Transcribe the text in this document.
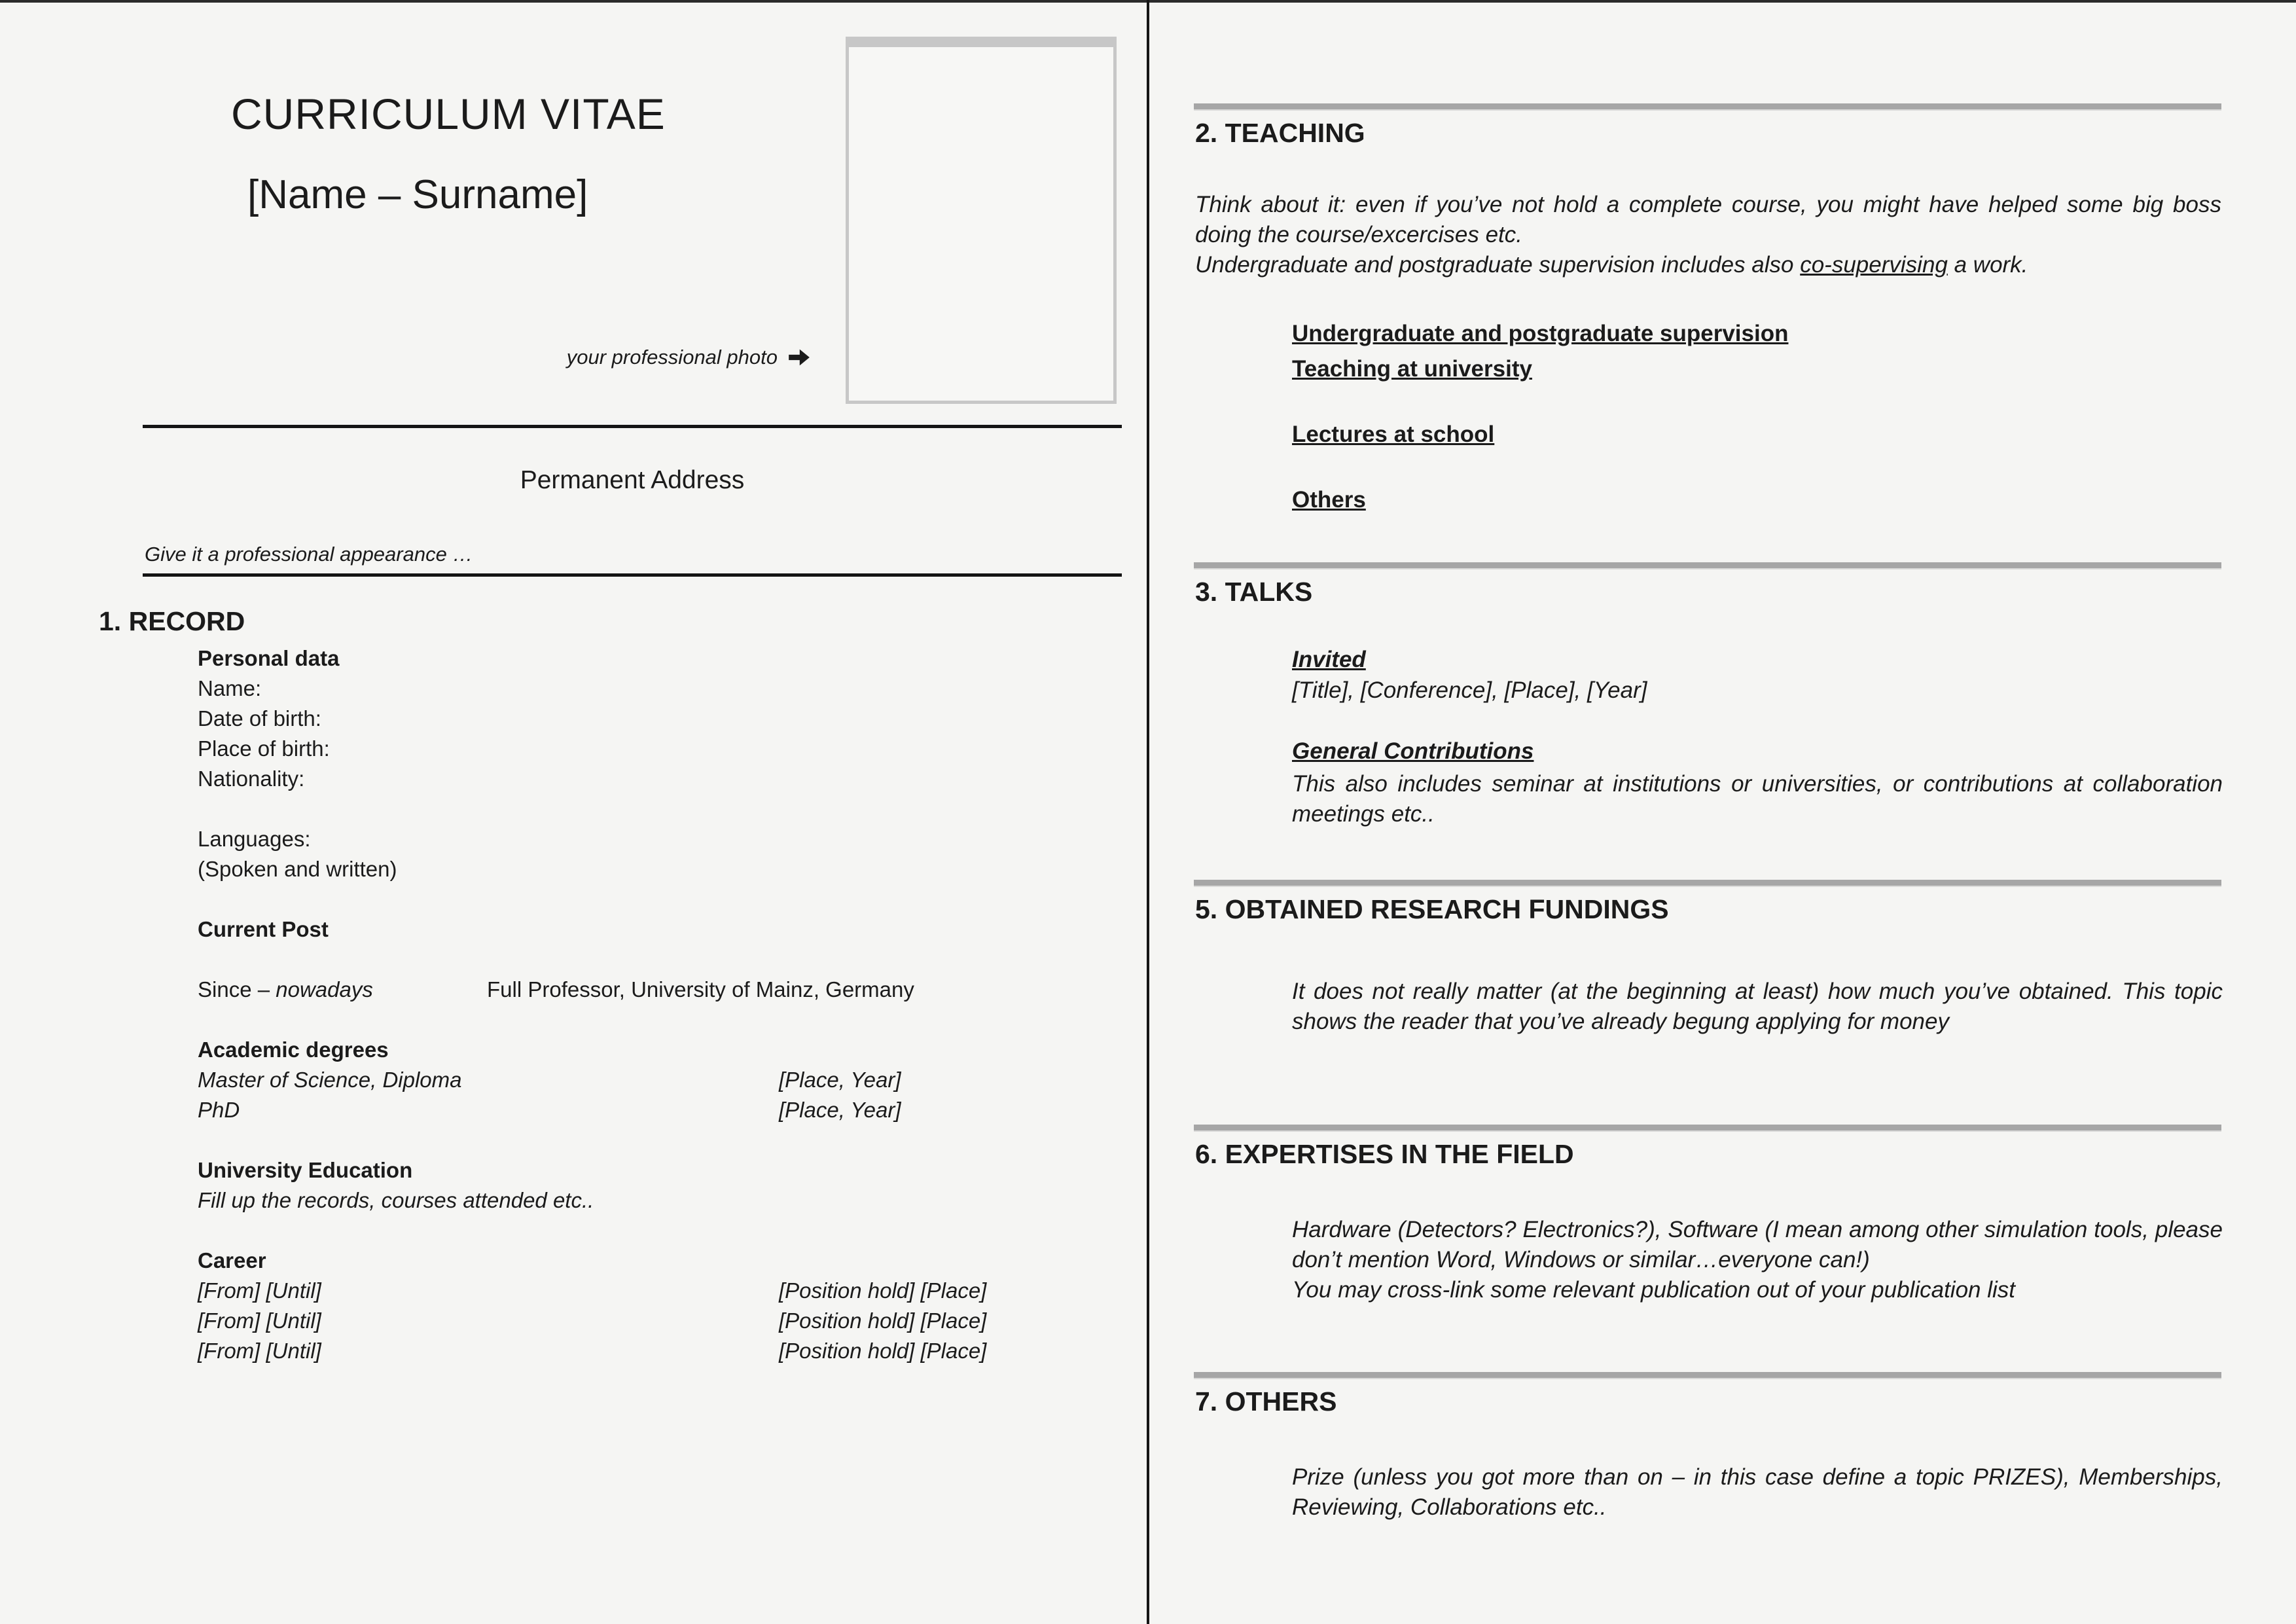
CURRICULUM VITAE
[Name – Surname]
your professional photo
Permanent Address
Give it a professional appearance …
1. RECORD
Personal data
Name:
Date of birth:
Place of birth:
Nationality:
Languages:
(Spoken and written)
Current Post
Since – nowadays	Full Professor, University of Mainz, Germany
Academic degrees
Master of Science, Diploma	[Place, Year]
PhD	[Place, Year]
University Education
Fill up the records, courses attended etc..
Career
[From] [Until]	[Position hold] [Place]
[From] [Until]	[Position hold] [Place]
[From] [Until]	[Position hold] [Place]
2. TEACHING

Think about it: even if you’ve not hold a complete course, you might have helped some big boss doing the course/excercises etc.

Undergraduate and postgraduate supervision includes also co-supervising a work.

Undergraduate and postgraduate supervision
Teaching at university
Lectures at school
Others
3. TALKS
Invited
[Title], [Conference], [Place], [Year]
General Contributions

This also includes seminar at institutions or universities, or contributions at collaboration meetings etc..

5. OBTAINED RESEARCH FUNDINGS

It does not really matter (at the beginning at least) how much you’ve obtained. This topic shows the reader that you’ve already begung applying for money

6. EXPERTISES IN THE FIELD

Hardware (Detectors? Electronics?), Software (I mean among other simulation tools, please don’t mention Word, Windows or similar…everyone can!)

You may cross-link some relevant publication out of your publication list

7. OTHERS

Prize (unless you got more than on – in this case define a topic PRIZES), Memberships, Reviewing, Collaborations etc..
